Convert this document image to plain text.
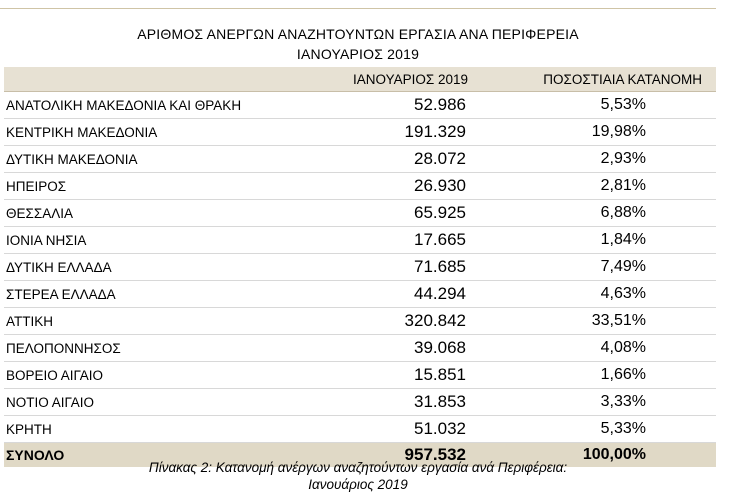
ΑΡΙΘΜΟΣ ΑΝΕΡΓΩΝ ΑΝΑΖΗΤΟΥΝΤΩΝ ΕΡΓΑΣΙΑ ΑΝΑ ΠΕΡΙΦΕΡΕΙΑ
ΙΑΝΟΥΑΡΙΟΣ 2019
	ΙΑΝΟΥΑΡΙΟΣ 2019	ΠΟΣΟΣΤΙΑΙΑ ΚΑΤΑΝΟΜΗ
ΑΝΑΤΟΛΙΚΗ ΜΑΚΕΔΟΝΙΑ ΚΑΙ ΘΡΑΚΗ	52.986	5,53%
ΚΕΝΤΡΙΚΗ ΜΑΚΕΔΟΝΙΑ	191.329	19,98%
ΔΥΤΙΚΗ ΜΑΚΕΔΟΝΙΑ	28.072	2,93%
ΗΠΕΙΡΟΣ	26.930	2,81%
ΘΕΣΣΑΛΙΑ	65.925	6,88%
ΙΟΝΙΑ ΝΗΣΙΑ	17.665	1,84%
ΔΥΤΙΚΗ ΕΛΛΑΔΑ	71.685	7,49%
ΣΤΕΡΕΑ ΕΛΛΑΔΑ	44.294	4,63%
ΑΤΤΙΚΗ	320.842	33,51%
ΠΕΛΟΠΟΝΝΗΣΟΣ	39.068	4,08%
ΒΟΡΕΙΟ ΑΙΓΑΙΟ	15.851	1,66%
ΝΟΤΙΟ ΑΙΓΑΙΟ	31.853	3,33%
ΚΡΗΤΗ	51.032	5,33%
ΣΥΝΟΛΟ	957.532	100,00%
Πίνακας 2: Κατανομή ανέργων αναζητούντων εργασία ανά Περιφέρεια:
Ιανουάριος 2019
